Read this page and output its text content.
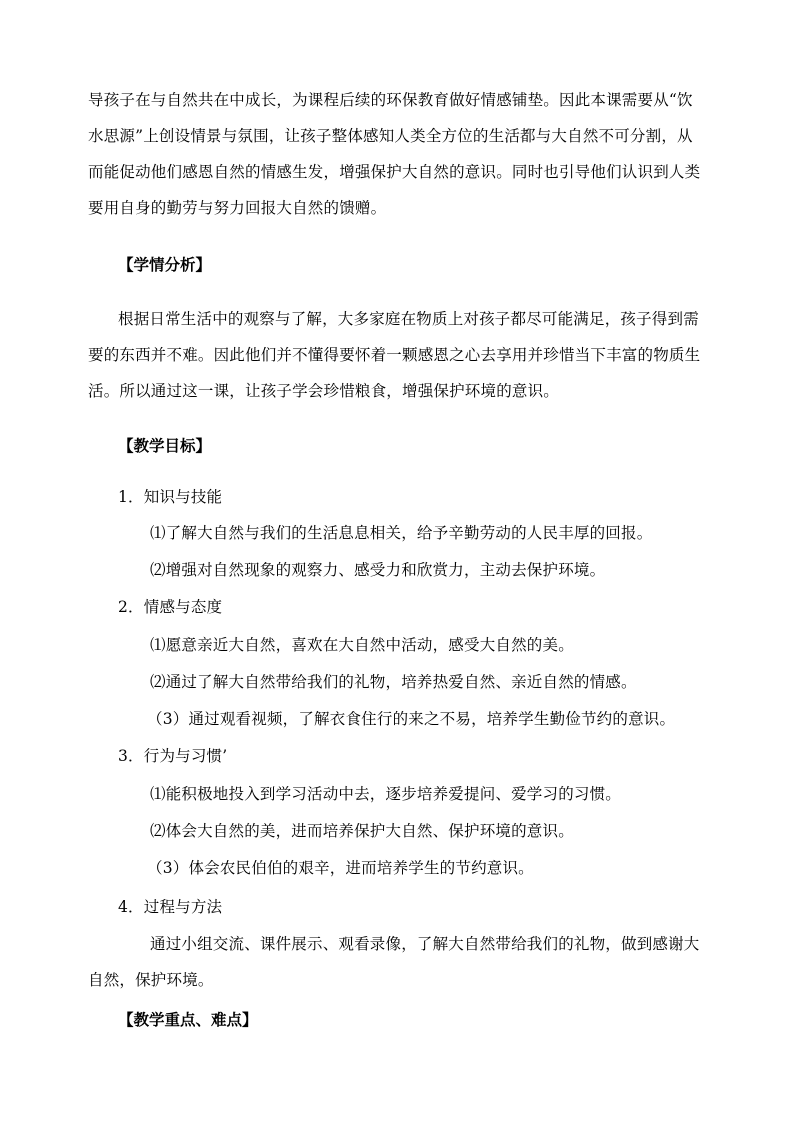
导孩子在与自然共在中成长，为课程后续的环保教育做好情感铺垫。因此本课需要从“饮
水思源”上创设情景与氛围，让孩子整体感知人类全方位的生活都与大自然不可分割，从
而能促动他们感恩自然的情感生发，增强保护大自然的意识。同时也引导他们认识到人类
要用自身的勤劳与努力回报大自然的馈赠。
【学情分析】
根据日常生活中的观察与了解，大多家庭在物质上对孩子都尽可能满足，孩子得到需
要的东西并不难。因此他们并不懂得要怀着一颗感恩之心去享用并珍惜当下丰富的物质生
活。所以通过这一课，让孩子学会珍惜粮食，增强保护环境的意识。
【教学目标】
1．知识与技能
⑴了解大自然与我们的生活息息相关，给予辛勤劳动的人民丰厚的回报。
⑵增强对自然现象的观察力、感受力和欣赏力，主动去保护环境。
2．情感与态度
⑴愿意亲近大自然，喜欢在大自然中活动，感受大自然的美。
⑵通过了解大自然带给我们的礼物，培养热爱自然、亲近自然的情感。
（3）通过观看视频，了解衣食住行的来之不易，培养学生勤俭节约的意识。
3．行为与习惯’
⑴能积极地投入到学习活动中去，逐步培养爱提问、爱学习的习惯。
⑵体会大自然的美，进而培养保护大自然、保护环境的意识。
（3）体会农民伯伯的艰辛，进而培养学生的节约意识。
4．过程与方法
通过小组交流、课件展示、观看录像，了解大自然带给我们的礼物，做到感谢大
自然，保护环境。
【教学重点、难点】
